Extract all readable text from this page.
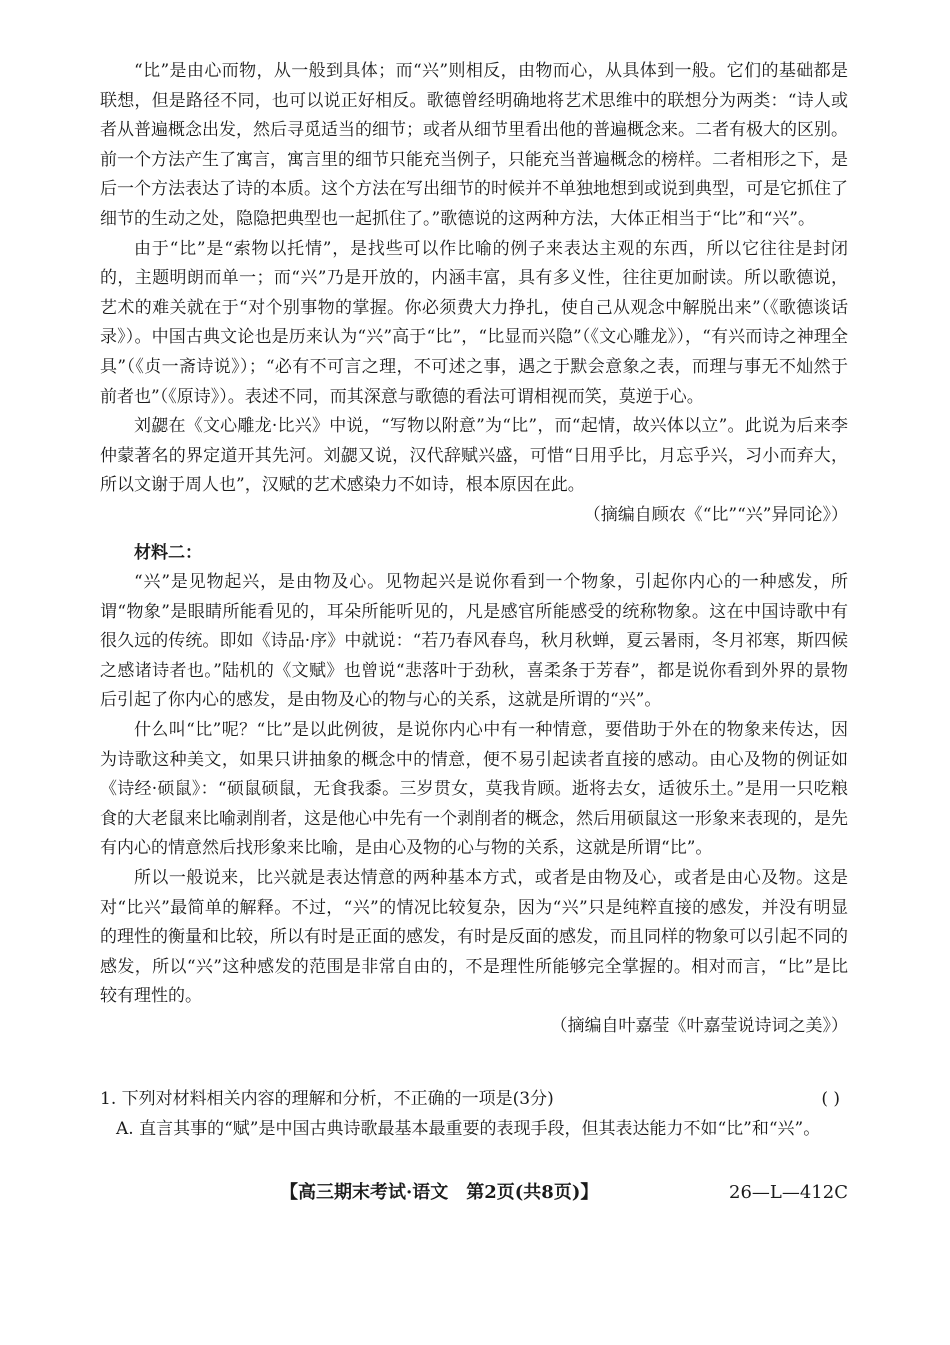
“比”是由心而物，从一般到具体；而“兴”则相反，由物而心，从具体到一般。它们的基础都是联想，但是路径不同，也可以说正好相反。歌德曾经明确地将艺术思维中的联想分为两类：“诗人或者从普遍概念出发，然后寻觅适当的细节；或者从细节里看出他的普遍概念来。二者有极大的区别。前一个方法产生了寓言，寓言里的细节只能充当例子，只能充当普遍概念的榜样。二者相形之下，是后一个方法表达了诗的本质。这个方法在写出细节的时候并不单独地想到或说到典型，可是它抓住了细节的生动之处，隐隐把典型也一起抓住了。”歌德说的这两种方法，大体正相当于“比”和“兴”。

由于“比”是“索物以托情”，是找些可以作比喻的例子来表达主观的东西，所以它往往是封闭的，主题明朗而单一；而“兴”乃是开放的，内涵丰富，具有多义性，往往更加耐读。所以歌德说，艺术的难关就在于“对个别事物的掌握。你必须费大力挣扎，使自己从观念中解脱出来”（《歌德谈话录》）。中国古典文论也是历来认为“兴”高于“比”，“比显而兴隐”（《文心雕龙》），“有兴而诗之神理全具”（《贞一斋诗说》）；“必有不可言之理，不可述之事，遇之于默会意象之表，而理与事无不灿然于前者也”（《原诗》）。表述不同，而其深意与歌德的看法可谓相视而笑，莫逆于心。

刘勰在《文心雕龙·比兴》中说，“写物以附意”为“比”，而“起情，故兴体以立”。此说为后来李仲蒙著名的界定道开其先河。刘勰又说，汉代辞赋兴盛，可惜“日用乎比，月忘乎兴，习小而弃大，所以文谢于周人也”，汉赋的艺术感染力不如诗，根本原因在此。

（摘编自顾农《“比”“兴”异同论》）

材料二：

“兴”是见物起兴，是由物及心。见物起兴是说你看到一个物象，引起你内心的一种感发，所谓“物象”是眼睛所能看见的，耳朵所能听见的，凡是感官所能感受的统称物象。这在中国诗歌中有很久远的传统。即如《诗品·序》中就说：“若乃春风春鸟，秋月秋蝉，夏云暑雨，冬月祁寒，斯四候之感诸诗者也。”陆机的《文赋》也曾说“悲落叶于劲秋，喜柔条于芳春”，都是说你看到外界的景物后引起了你内心的感发，是由物及心的物与心的关系，这就是所谓的“兴”。

什么叫“比”呢？“比”是以此例彼，是说你内心中有一种情意，要借助于外在的物象来传达，因为诗歌这种美文，如果只讲抽象的概念中的情意，便不易引起读者直接的感动。由心及物的例证如《诗经·硕鼠》：“硕鼠硕鼠，无食我黍。三岁贯女，莫我肯顾。逝将去女，适彼乐土。”是用一只吃粮食的大老鼠来比喻剥削者，这是他心中先有一个剥削者的概念，然后用硕鼠这一形象来表现的，是先有内心的情意然后找形象来比喻，是由心及物的心与物的关系，这就是所谓“比”。

所以一般说来，比兴就是表达情意的两种基本方式，或者是由物及心，或者是由心及物。这是对“比兴”最简单的解释。不过，“兴”的情况比较复杂，因为“兴”只是纯粹直接的感发，并没有明显的理性的衡量和比较，所以有时是正面的感发，有时是反面的感发，而且同样的物象可以引起不同的感发，所以“兴”这种感发的范围是非常自由的，不是理性所能够完全掌握的。相对而言，“比”是比较有理性的。

（摘编自叶嘉莹《叶嘉莹说诗词之美》）

1. 下列对材料相关内容的理解和分析，不正确的一项是(3分)	( )

A. 直言其事的“赋”是中国古典诗歌最基本最重要的表现手段，但其表达能力不如“比”和“兴”。

【高三期末考试·语文　第2页(共8页)】	26—L—412C
